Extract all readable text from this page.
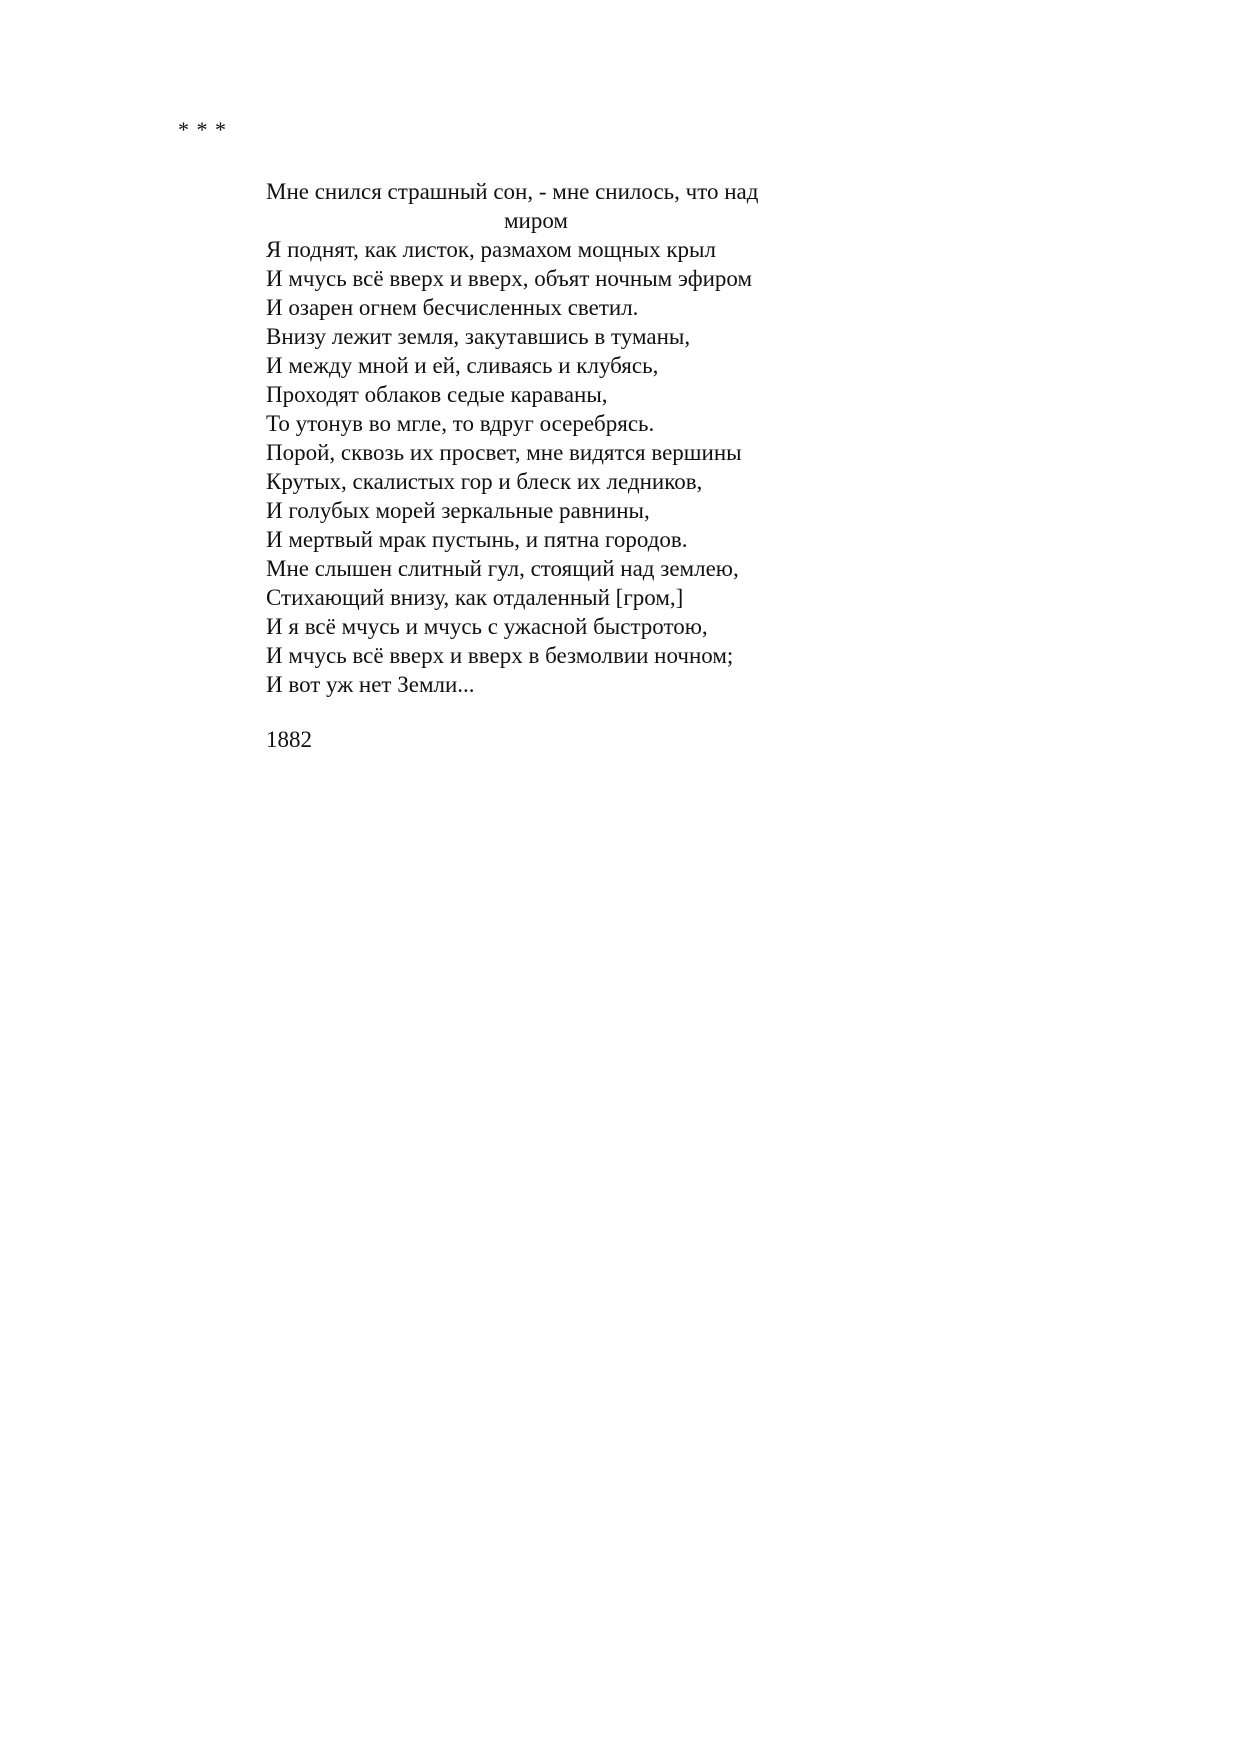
* * *
Мне снился страшный сон, - мне снилось, что над
миром
Я поднят, как листок, размахом мощных крыл
И мчусь всё вверх и вверх, объят ночным эфиром
И озарен огнем бесчисленных светил.
Внизу лежит земля, закутавшись в туманы,
И между мной и ей, сливаясь и клубясь,
Проходят облаков седые караваны,
То утонув во мгле, то вдруг осеребрясь.
Порой, сквозь их просвет, мне видятся вершины
Крутых, скалистых гор и блеск их ледников,
И голубых морей зеркальные равнины,
И мертвый мрак пустынь, и пятна городов.
Мне слышен слитный гул, стоящий над землею,
Стихающий внизу, как отдаленный [гром,]
И я всё мчусь и мчусь с ужасной быстротою,
И мчусь всё вверх и вверх в безмолвии ночном;
И вот уж нет Земли...
1882
